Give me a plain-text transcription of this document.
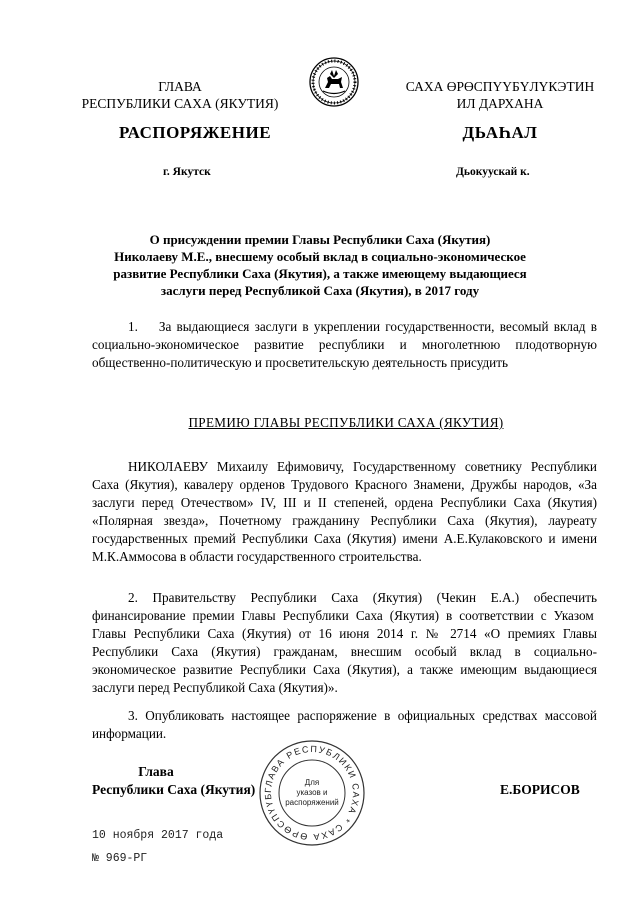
ГЛАВА
РЕСПУБЛИКИ САХА (ЯКУТИЯ)
САХА ӨРӨСПҮҮБҮЛҮКЭТИН
ИЛ ДАРХАНА
РАСПОРЯЖЕНИЕ	ДЬАҺАЛ
г. Якутск	Дьокуускай к.
О присуждении премии Главы Республики Саха (Якутия)
Николаеву М.Е., внесшему особый вклад в социально-экономическое
развитие Республики Саха (Якутия), а также имеющему выдающиеся
заслуги перед Республикой Саха (Якутия), в 2017 году
1.    За выдающиеся заслуги в укреплении государственности, весомый вклад в социально-экономическое развитие республики и многолетнюю плодотворную общественно-политическую и просветительскую деятельность присудить
ПРЕМИЮ ГЛАВЫ РЕСПУБЛИКИ САХА (ЯКУТИЯ)
НИКОЛАЕВУ Михаилу Ефимовичу, Государственному советнику Республики Саха (Якутия), кавалеру орденов Трудового Красного Знамени, Дружбы народов, «За заслуги перед Отечеством» IV, III и II степеней, ордена Республики Саха (Якутия) «Полярная звезда», Почетному гражданину Республики Саха (Якутия), лауреату государственных премий Республики Саха (Якутия) имени А.Е.Кулаковского и имени М.К.Аммосова в области государственного строительства.
2. Правительству Республики Саха (Якутия) (Чекин Е.А.) обеспечить финансирование премии Главы Республики Саха (Якутия) в соответствии с Указом  Главы Республики Саха (Якутия) от 16 июня 2014 г. № 2714 «О премиях Главы Республики Саха (Якутия) гражданам, внесшим особый вклад в социально-экономическое развитие Республики Саха (Якутия), а также имеющим выдающиеся заслуги перед Республикой Саха (Якутия)».
3. Опубликовать настоящее распоряжение в официальных средствах массовой информации.
Глава
Республики Саха (Якутия)	Е.БОРИСОВ
ГЛАВА РЕСПУБЛИКИ САХА * САХА ӨРӨСПҮҮБ
Для
указов и
распоряжений
10 ноября 2017 года
№ 969-РГ
